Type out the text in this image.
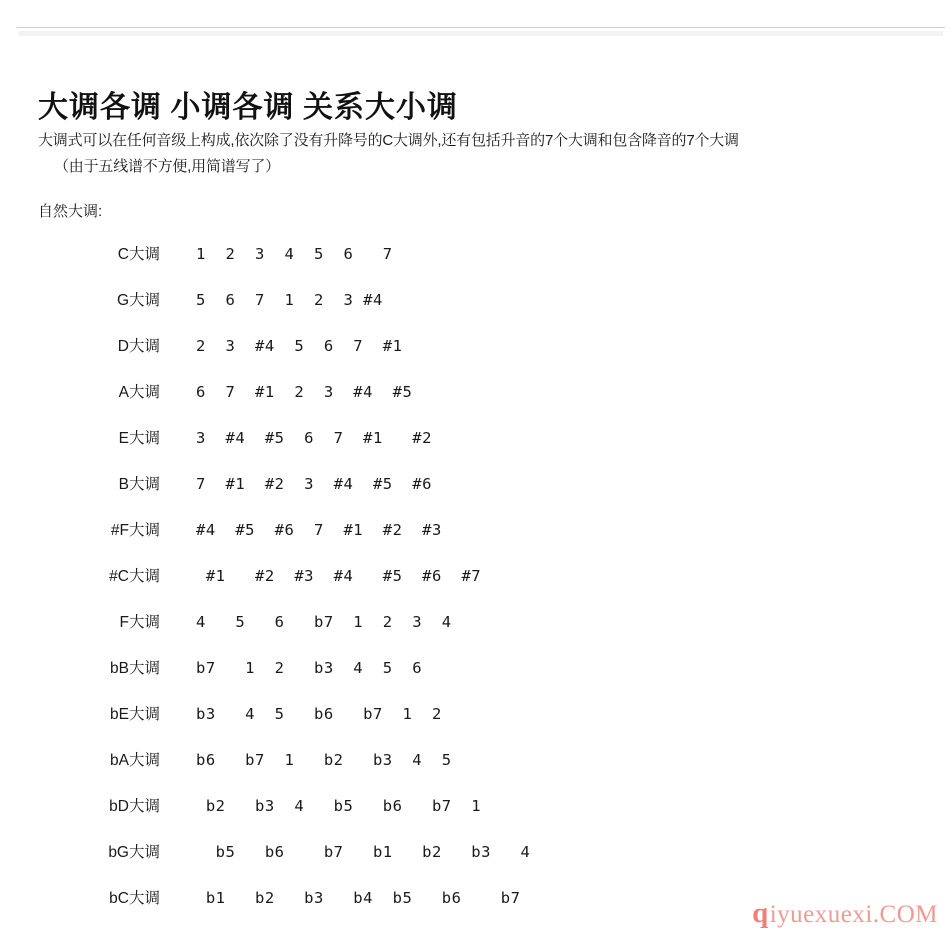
大调各调 小调各调 关系大小调
大调式可以在任何音级上构成,依次除了没有升降号的C大调外,还有包括升音的7个大调和包含降音的7个大调
（由于五线谱不方便,用简谱写了）
自然大调:
C大调	1  2  3  4  5  6   7
G大调	5  6  7  1  2  3 #4
D大调	2  3  #4  5  6  7  #1
A大调	6  7  #1  2  3  #4  #5
E大调	3  #4  #5  6  7  #1   #2
B大调	7  #1  #2  3  #4  #5  #6
#F大调	#4  #5  #6  7  #1  #2  #3
#C大调	#1   #2  #3  #4   #5  #6  #7
F大调	4   5   6   b7  1  2  3  4
bB大调	b7   1  2   b3  4  5  6
bE大调	b3   4  5   b6   b7  1  2
bA大调	b6   b7  1   b2   b3  4  5
bD大调	b2   b3  4   b5   b6   b7  1
bG大调	b5   b6    b7   b1   b2   b3   4
bC大调	b1   b2   b3   b4  b5   b6    b7	q iyuexuexi.COM
